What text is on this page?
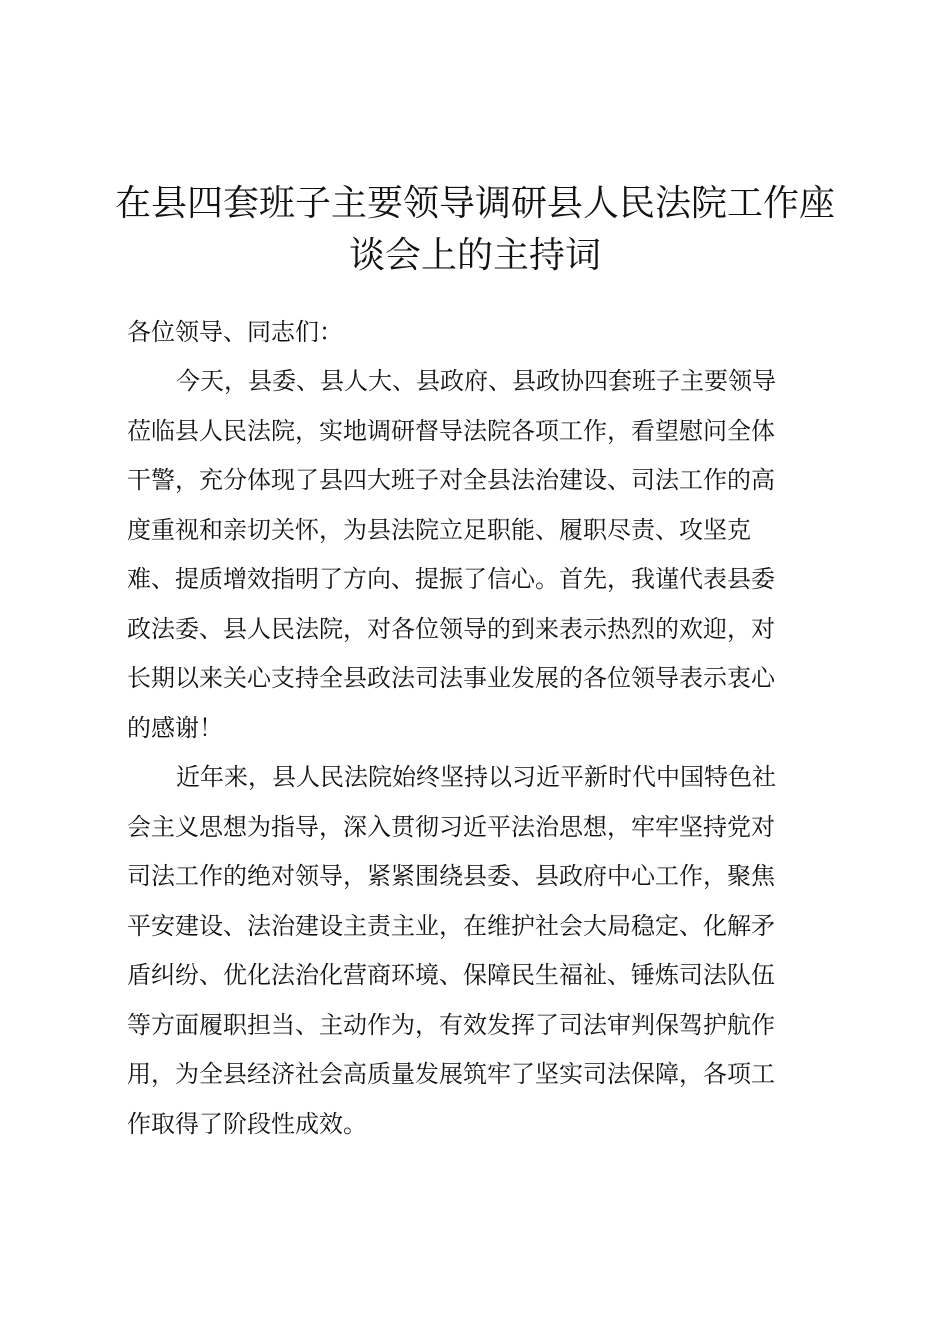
在县四套班子主要领导调研县人民法院工作座
谈会上的主持词

各位领导、同志们：

今天，县委、县人大、县政府、县政协四套班子主要领导
莅临县人民法院，实地调研督导法院各项工作，看望慰问全体
干警，充分体现了县四大班子对全县法治建设、司法工作的高
度重视和亲切关怀，为县法院立足职能、履职尽责、攻坚克
难、提质增效指明了方向、提振了信心。首先，我谨代表县委
政法委、县人民法院，对各位领导的到来表示热烈的欢迎，对
长期以来关心支持全县政法司法事业发展的各位领导表示衷心
的感谢！
近年来，县人民法院始终坚持以习近平新时代中国特色社
会主义思想为指导，深入贯彻习近平法治思想，牢牢坚持党对
司法工作的绝对领导，紧紧围绕县委、县政府中心工作，聚焦
平安建设、法治建设主责主业，在维护社会大局稳定、化解矛
盾纠纷、优化法治化营商环境、保障民生福祉、锤炼司法队伍
等方面履职担当、主动作为，有效发挥了司法审判保驾护航作
用，为全县经济社会高质量发展筑牢了坚实司法保障，各项工
作取得了阶段性成效。
